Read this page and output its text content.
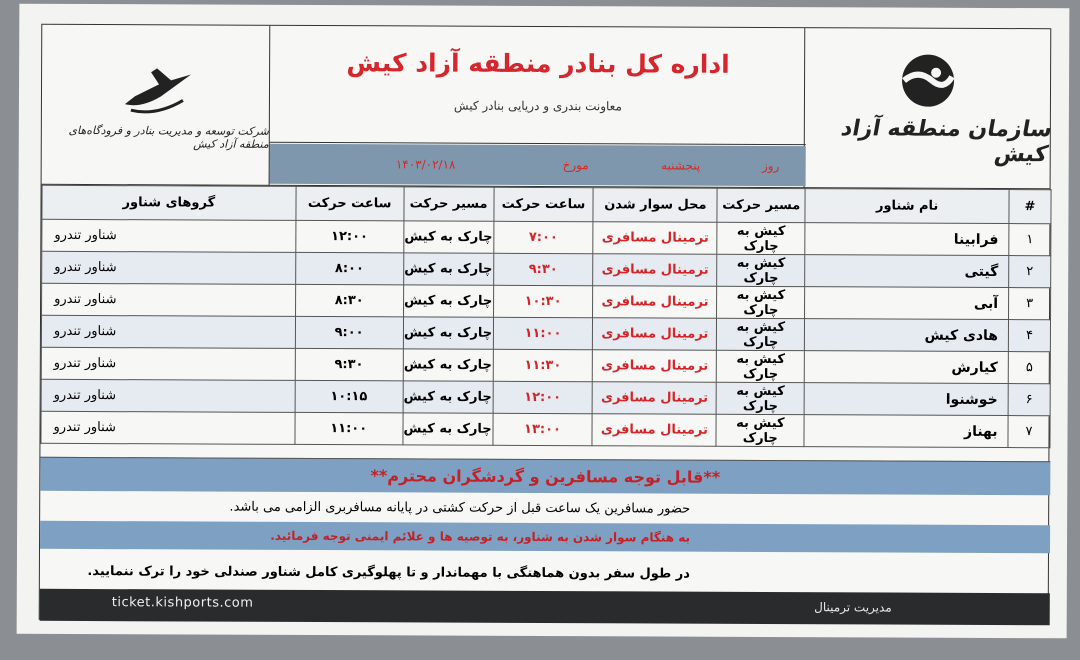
سازمان منطقه آزاد کیش
اداره کل بنادر منطقه آزاد کیش
معاونت بندری و دریایی بنادر کیش
روز
پنجشنبه
مورخ
۱۴۰۳/۰۲/۱۸
شرکت توسعه و مدیریت بنادر و فرودگاه‌های منطقه آزاد کیش
#	نام شناور	مسیر حرکت	محل سوار شدن	ساعت حرکت	مسیر حرکت	ساعت حرکت	گروهای شناور
۱	فرابینا	کیش به چارک	ترمینال مسافری	۷:۰۰	چارک به کیش	۱۲:۰۰	شناور تندرو
۲	گیتی	کیش به چارک	ترمینال مسافری	۹:۳۰	چارک به کیش	۸:۰۰	شناور تندرو
۳	آبی	کیش به چارک	ترمینال مسافری	۱۰:۳۰	چارک به کیش	۸:۳۰	شناور تندرو
۴	هادی کیش	کیش به چارک	ترمینال مسافری	۱۱:۰۰	چارک به کیش	۹:۰۰	شناور تندرو
۵	کیارش	کیش به چارک	ترمینال مسافری	۱۱:۳۰	چارک به کیش	۹:۳۰	شناور تندرو
۶	خوشنوا	کیش به چارک	ترمینال مسافری	۱۲:۰۰	چارک به کیش	۱۰:۱۵	شناور تندرو
۷	بهناز	کیش به چارک	ترمینال مسافری	۱۳:۰۰	چارک به کیش	۱۱:۰۰	شناور تندرو
**قابل توجه مسافرین و گردشگران محترم**
حضور مسافرین یک ساعت قبل از حرکت کشتی در پایانه مسافربری الزامی می باشد.
به هنگام سوار شدن به شناور، به توصیه ها و علائم ایمنی توجه فرمائید.
در طول سفر بدون هماهنگی با مهماندار و تا پهلوگیری کامل شناور صندلی خود را ترک ننمایید.
ticket.kishports.com	مدیریت ترمینال
